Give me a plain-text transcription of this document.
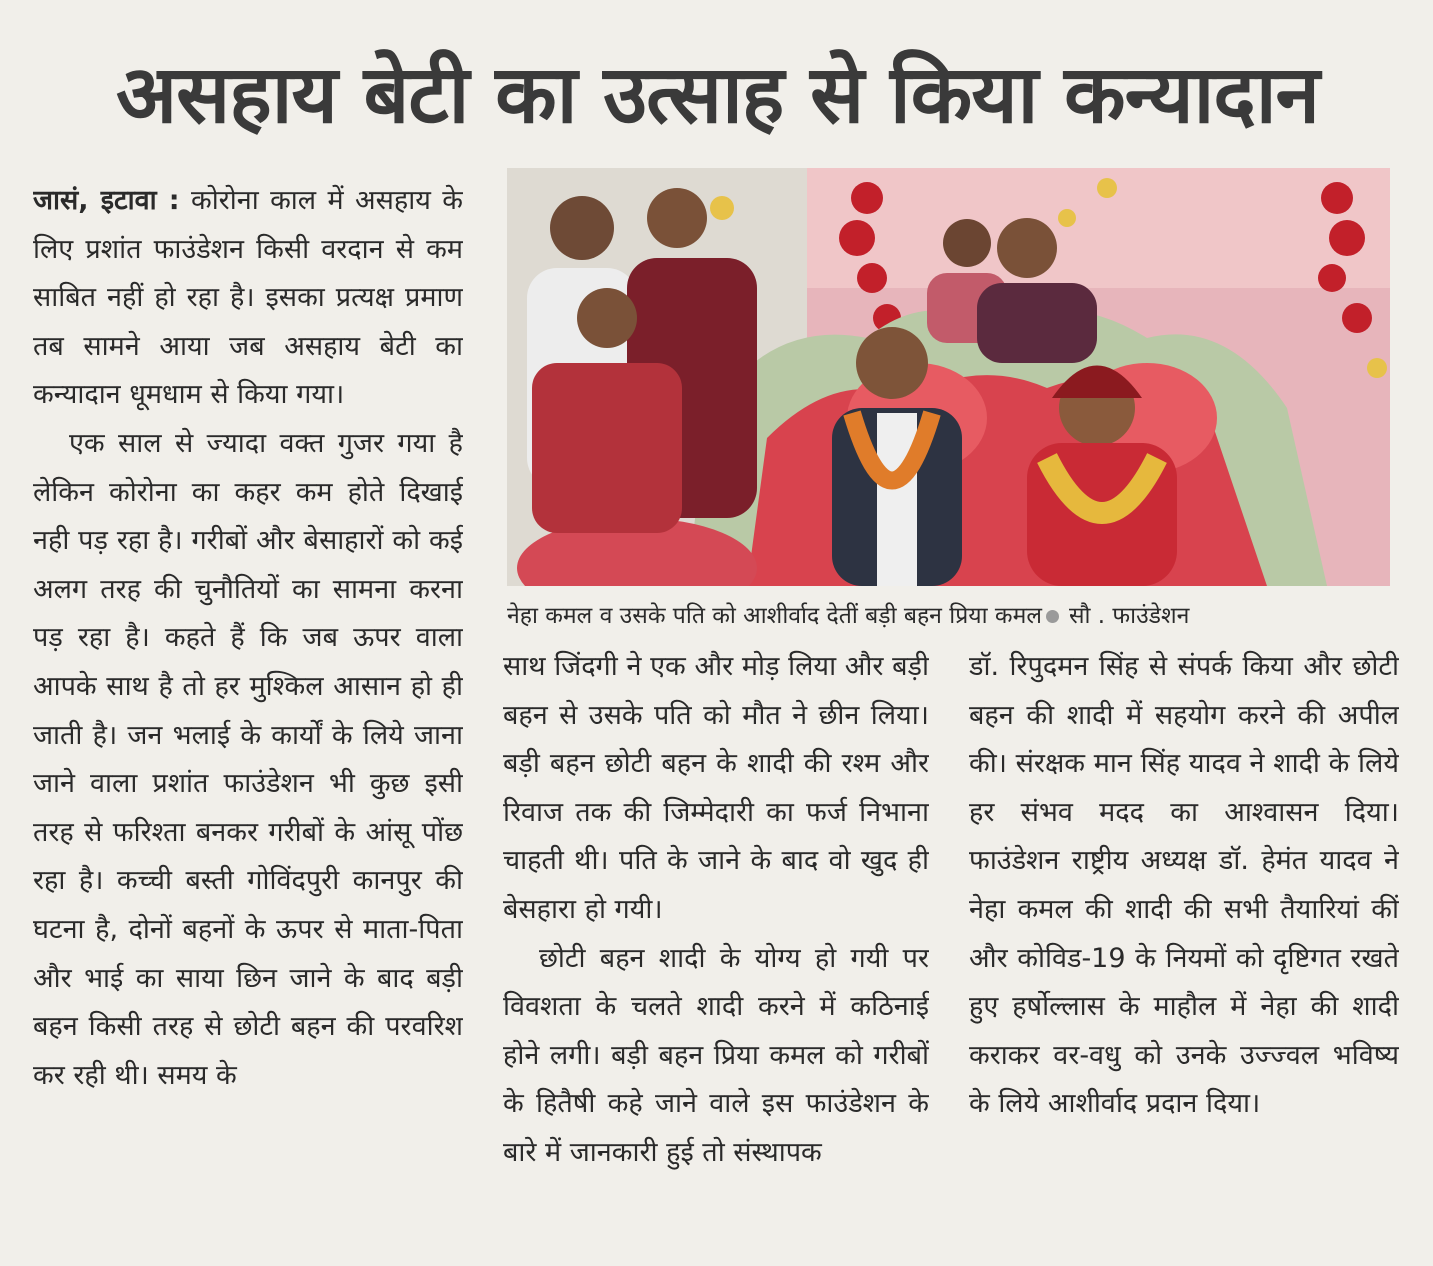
असहाय बेटी का उत्साह से किया कन्यादान

जासं, इटावा : कोरोना काल में असहाय के लिए प्रशांत फाउंडेशन किसी वरदान से कम साबित नहीं हो रहा है। इसका प्रत्यक्ष प्रमाण तब सामने आया जब असहाय बेटी का कन्यादान धूमधाम से किया गया।

एक साल से ज्यादा वक्त गुजर गया है लेकिन कोरोना का कहर कम होते दिखाई नही पड़ रहा है। गरीबों और बेसाहारों को कई अलग तरह की चुनौतियों का सामना करना पड़ रहा है। कहते हैं कि जब ऊपर वाला आपके साथ है तो हर मुश्किल आसान हो ही जाती है। जन भलाई के कार्यों के लिये जाना जाने वाला प्रशांत फाउंडेशन भी कुछ इसी तरह से फरिश्ता बनकर गरीबों के आंसू पोंछ रहा है। कच्ची बस्ती गोविंदपुरी कानपुर की घटना है, दोनों बहनों के ऊपर से माता-पिता और भाई का साया छिन जाने के बाद बड़ी बहन किसी तरह से छोटी बहन की परवरिश कर रही थी। समय के

नेहा कमल व उसके पति को आशीर्वाद देतीं बड़ी बहन प्रिया कमल सौ . फाउंडेशन

साथ जिंदगी ने एक और मोड़ लिया और बड़ी बहन से उसके पति को मौत ने छीन लिया। बड़ी बहन छोटी बहन के शादी की रश्म और रिवाज तक की जिम्मेदारी का फर्ज निभाना चाहती थी। पति के जाने के बाद वो खुद ही बेसहारा हो गयी।

छोटी बहन शादी के योग्य हो गयी पर विवशता के चलते शादी करने में कठिनाई होने लगी। बड़ी बहन प्रिया कमल को गरीबों के हितैषी कहे जाने वाले इस फाउंडेशन के बारे में जानकारी हुई तो संस्थापक

डॉ. रिपुदमन सिंह से संपर्क किया और छोटी बहन की शादी में सहयोग करने की अपील की। संरक्षक मान सिंह यादव ने शादी के लिये हर संभव मदद का आश्वासन दिया। फाउंडेशन राष्ट्रीय अध्यक्ष डॉ. हेमंत यादव ने नेहा कमल की शादी की सभी तैयारियां कीं और कोविड-19 के नियमों को दृष्टिगत रखते हुए हर्षोल्लास के माहौल में नेहा की शादी कराकर वर-वधु को उनके उज्ज्वल भविष्य के लिये आशीर्वाद प्रदान दिया।
